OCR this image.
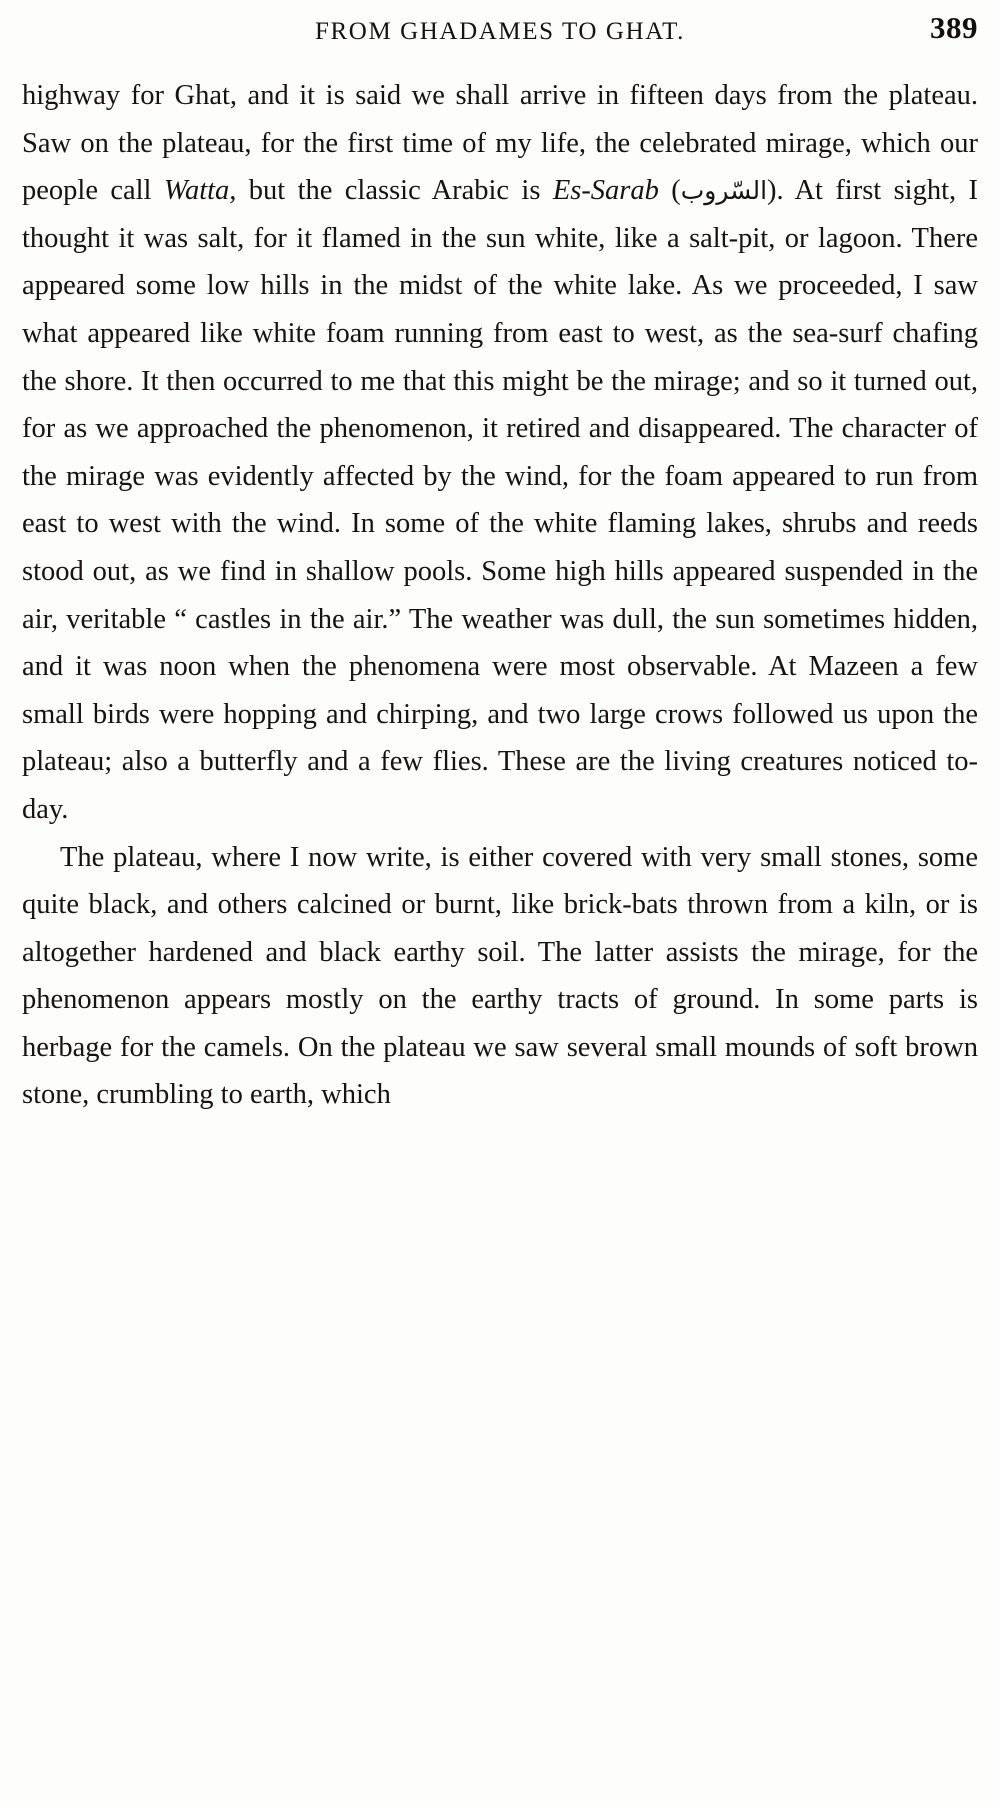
FROM GHADAMES TO GHAT.	389

highway for Ghat, and it is said we shall arrive in fifteen days from the plateau. Saw on the plateau, for the first time of my life, the celebrated mirage, which our people call Watta, but the classic Arabic is Es-Sarab (السّروب). At first sight, I thought it was salt, for it flamed in the sun white, like a salt-pit, or lagoon. There appeared some low hills in the midst of the white lake. As we proceeded, I saw what appeared like white foam running from east to west, as the sea-surf chafing the shore. It then occurred to me that this might be the mirage; and so it turned out, for as we approached the phenomenon, it retired and disappeared. The character of the mirage was evidently affected by the wind, for the foam appeared to run from east to west with the wind. In some of the white flaming lakes, shrubs and reeds stood out, as we find in shallow pools. Some high hills appeared suspended in the air, veritable “ castles in the air.” The weather was dull, the sun sometimes hidden, and it was noon when the phenomena were most observable. At Mazeen a few small birds were hopping and chirping, and two large crows followed us upon the plateau; also a butterfly and a few flies. These are the living creatures noticed to-day.

The plateau, where I now write, is either covered with very small stones, some quite black, and others calcined or burnt, like brick-bats thrown from a kiln, or is altogether hardened and black earthy soil. The latter assists the mirage, for the phenomenon appears mostly on the earthy tracts of ground. In some parts is herbage for the camels. On the plateau we saw several small mounds of soft brown stone, crumbling to earth, which
